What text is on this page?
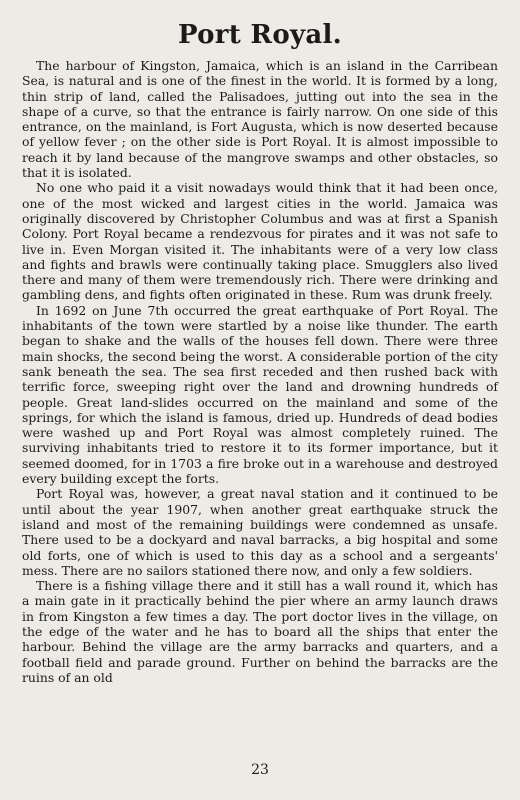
Port Royal.

The harbour of Kingston, Jamaica, which is an island in the Carribean Sea, is natural and is one of the finest in the world. It is formed by a long, thin strip of land, called the Palisadoes, jutting out into the sea in the shape of a curve, so that the entrance is fairly narrow. On one side of this entrance, on the mainland, is Fort Augusta, which is now deserted because of yellow fever ; on the other side is Port Royal. It is almost impossible to reach it by land because of the mangrove swamps and other obstacles, so that it is isolated.

No one who paid it a visit nowadays would think that it had been once, one of the most wicked and largest cities in the world. Jamaica was originally discovered by Christopher Columbus and was at first a Spanish Colony. Port Royal became a rendezvous for pirates and it was not safe to live in. Even Morgan visited it. The inhabitants were of a very low class and fights and brawls were continually taking place. Smugglers also lived there and many of them were tremendously rich. There were drinking and gambling dens, and fights often originated in these. Rum was drunk freely.

In 1692 on June 7th occurred the great earthquake of Port Royal. The inhabitants of the town were startled by a noise like thunder. The earth began to shake and the walls of the houses fell down. There were three main shocks, the second being the worst. A considerable portion of the city sank beneath the sea. The sea first receded and then rushed back with terrific force, sweeping right over the land and drowning hundreds of people. Great land-slides occurred on the mainland and some of the springs, for which the island is famous, dried up. Hundreds of dead bodies were washed up and Port Royal was almost completely ruined. The surviving inhabitants tried to restore it to its former importance, but it seemed doomed, for in 1703 a fire broke out in a warehouse and destroyed every building except the forts.

Port Royal was, however, a great naval station and it continued to be until about the year 1907, when another great earthquake struck the island and most of the remaining buildings were condemned as unsafe. There used to be a dockyard and naval barracks, a big hospital and some old forts, one of which is used to this day as a school and a sergeants' mess. There are no sailors stationed there now, and only a few soldiers.

There is a fishing village there and it still has a wall round it, which has a main gate in it practically behind the pier where an army launch draws in from Kingston a few times a day. The port doctor lives in the village, on the edge of the water and he has to board all the ships that enter the harbour. Behind the village are the army barracks and quarters, and a football field and parade ground. Further on behind the barracks are the ruins of an old

23
